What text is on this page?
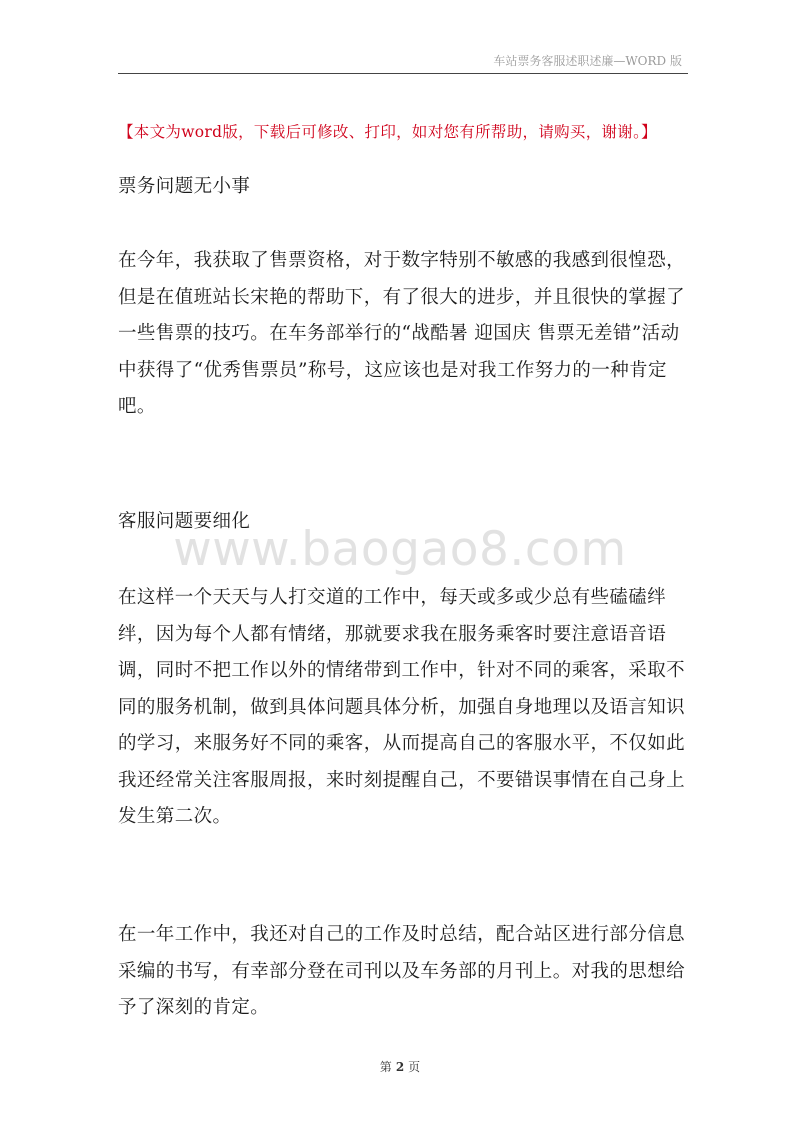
车站票务客服述职述廉—WORD 版
【本文为word版，下载后可修改、打印，如对您有所帮助，请购买，谢谢。】
票务问题无小事
在今年，我获取了售票资格，对于数字特别不敏感的我感到很惶恐，但是在值班站长宋艳的帮助下，有了很大的进步，并且很快的掌握了一些售票的技巧。在车务部举行的“战酷暑 迎国庆 售票无差错”活动中获得了“优秀售票员”称号，这应该也是对我工作努力的一种肯定吧。
客服问题要细化
www.baogao8.com
在这样一个天天与人打交道的工作中，每天或多或少总有些磕磕绊绊，因为每个人都有情绪，那就要求我在服务乘客时要注意语音语调，同时不把工作以外的情绪带到工作中，针对不同的乘客，采取不同的服务机制，做到具体问题具体分析，加强自身地理以及语言知识的学习，来服务好不同的乘客，从而提高自己的客服水平，不仅如此我还经常关注客服周报，来时刻提醒自己，不要错误事情在自己身上发生第二次。
在一年工作中，我还对自己的工作及时总结，配合站区进行部分信息采编的书写，有幸部分登在司刊以及车务部的月刊上。对我的思想给予了深刻的肯定。
第 2 页
